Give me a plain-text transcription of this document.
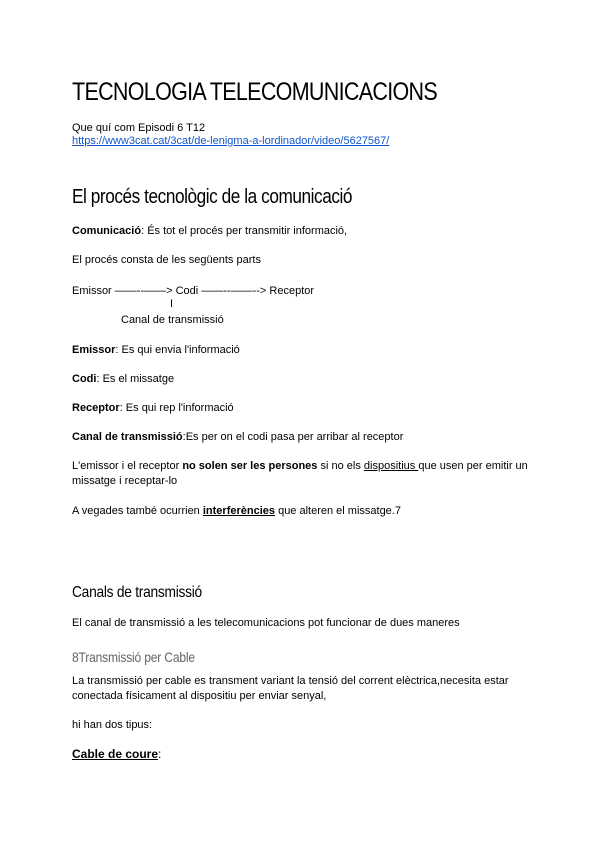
TECNOLOGIA TELECOMUNICACIONS
Que quí com Episodi 6 T12
https://www3cat.cat/3cat/de-lenigma-a-lordinador/video/5627567/
El procés tecnològic de la comunicació
Comunicació: És tot el procés per transmitir informació,
El procés consta de les següents parts
Emissor ——--——> Codi ——--——--> Receptor
I
Canal de transmissió
Emissor: Es qui envia l'informació
Codi: Es el missatge
Receptor: Es qui rep l'informació
Canal de transmissió:Es per on el codi pasa per arribar al receptor
L'emissor i el receptor no solen ser les persones si no els dispositius que usen per emitir un missatge i receptar-lo
A vegades també ocurrien interferències que alteren el missatge.7
Canals de transmissió
El canal de transmissió a les telecomunicacions pot funcionar de dues maneres
8Transmissió per Cable
La transmissió per cable es transment variant la tensió del corrent elèctrica,necesita estar conectada físicament al dispositiu per enviar senyal,
hi han dos tipus:
Cable de coure:
